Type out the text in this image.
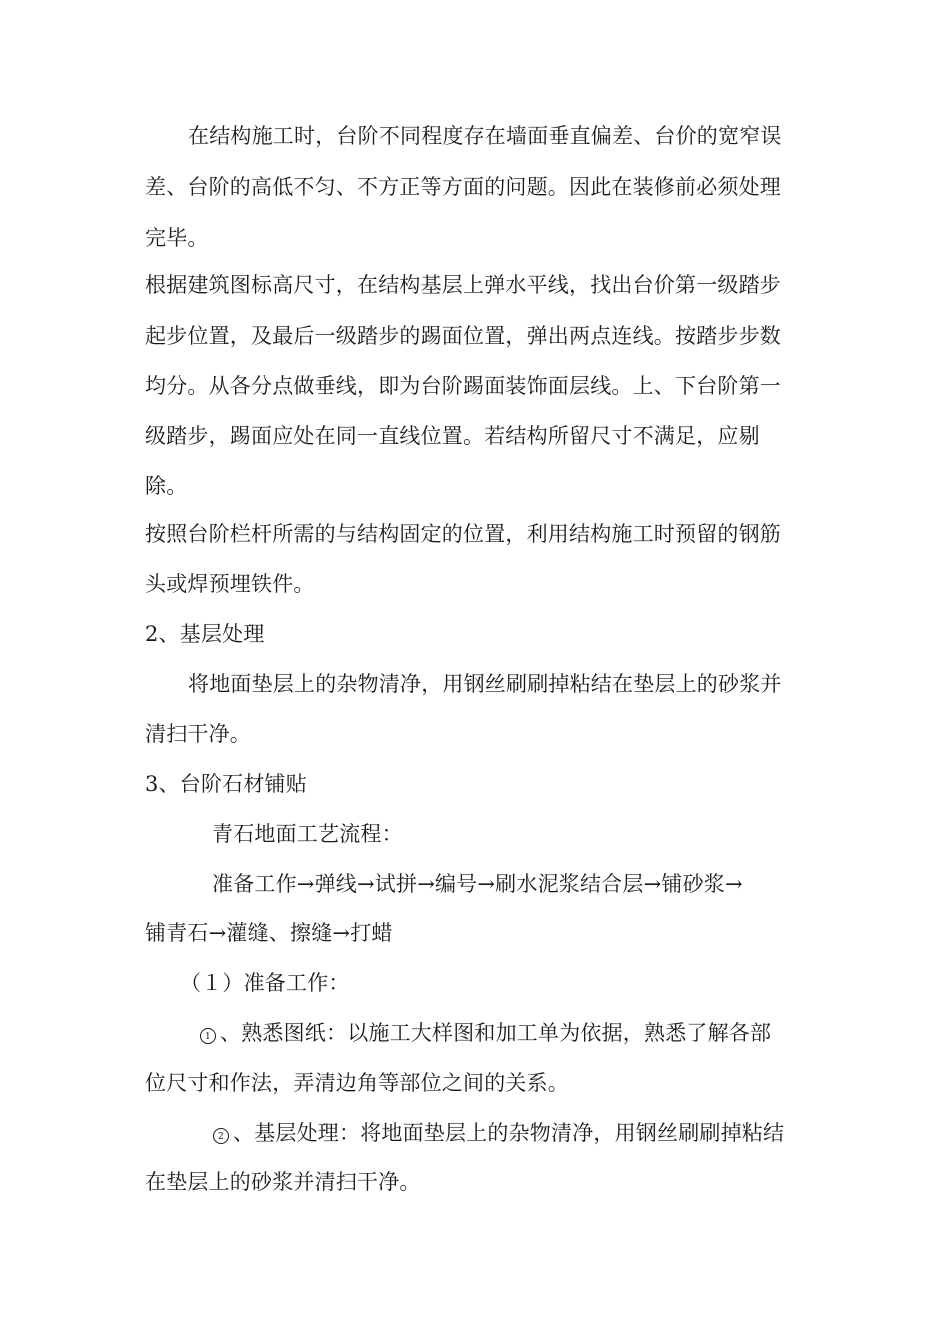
在结构施工时，台阶不同程度存在墙面垂直偏差、台价的宽窄误
差、台阶的高低不匀、不方正等方面的问题。因此在装修前必须处理
完毕。
根据建筑图标高尺寸，在结构基层上弹水平线，找出台价第一级踏步
起步位置，及最后一级踏步的踢面位置，弹出两点连线。按踏步步数
均分。从各分点做垂线，即为台阶踢面装饰面层线。上、下台阶第一
级踏步，踢面应处在同一直线位置。若结构所留尺寸不满足，应剔
除。
按照台阶栏杆所需的与结构固定的位置，利用结构施工时预留的钢筋
头或焊预埋铁件。
2、基层处理
将地面垫层上的杂物清净，用钢丝刷刷掉粘结在垫层上的砂浆并
清扫干净。
3、台阶石材铺贴
青石地面工艺流程：
准备工作→弹线→试拼→编号→刷水泥浆结合层→铺砂浆→
铺青石→灌缝、擦缝→打蜡
（１）准备工作：
1 、熟悉图纸：以施工大样图和加工单为依据，熟悉了解各部
位尺寸和作法，弄清边角等部位之间的关系。
2 、基层处理：将地面垫层上的杂物清净，用钢丝刷刷掉粘结
在垫层上的砂浆并清扫干净。
